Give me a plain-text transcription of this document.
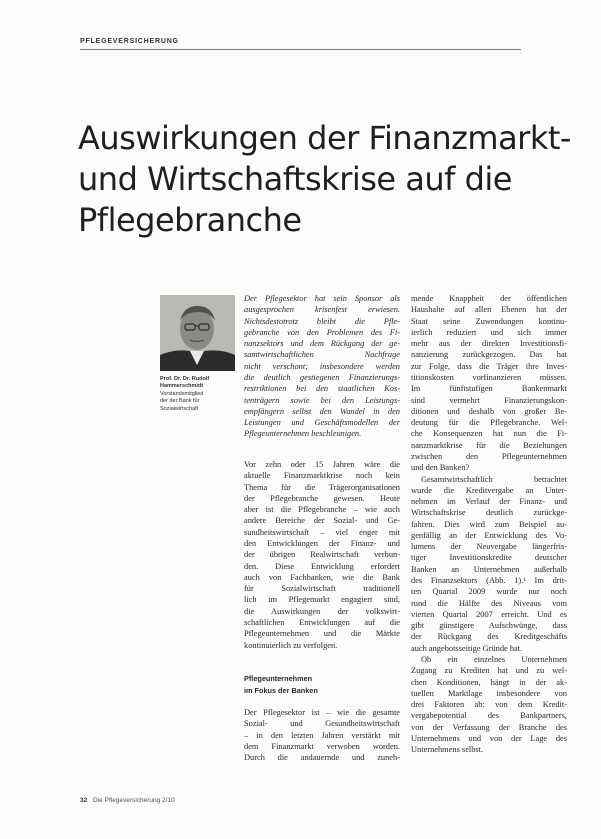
PFLEGEVERSICHERUNG
Auswirkungen der Finanzmarkt-
und Wirtschaftskrise auf die
Pflegebranche
Prof. Dr. Dr. Rudolf
Hammerschmidt
Vorstandsmitglied
der der Bank für
Sozialwirtschaft
Der Pflegesektor hat sein Sponsor als
ausgesprochen krisenfest erwiesen.
Nichtsdestotrotz bleibt die Pfle-
gebranche von den Problemen des Fi-
nanzsektors und dem Rückgang der ge-
samtwirtschaftlichen Nachfrage
nicht verschont; insbesondere werden
die deutlich gestiegenen Finanzierungs-
restriktionen bei den staatlichen Kos-
tenträgern sowie bei den Leistungs-
empfängern selbst den Wandel in den
Leistungen und Geschäftsmodellen der
Pflegeunternehmen beschleunigen.
Vor zehn oder 15 Jahren wäre die
aktuelle Finanzmarktkrise noch kein
Thema für die Trägerorganisationen
der Pflegebranche gewesen. Heute
aber ist die Pflegebranche – wie auch
andere Bereiche der Sozial- und Ge-
sundheitswirtschaft – viel enger mit
den Entwicklungen der Finanz- und
der übrigen Realwirtschaft verbun-
den. Diese Entwicklung erfordert
auch von Fachbanken, wie die Bank
für Sozialwirtschaft traditionell
lich im Pflegemarkt engagiert sind,
die Auswirkungen der volkswirt-
schaftlichen Entwicklungen auf die
Pflegeunternehmen und die Märkte
kontinuierlich zu verfolgen.
Pflegeunternehmen
im Fokus der Banken
Der Pflegesektor ist – wie die gesamte
Sozial- und Gesundheitswirtschaft
– in den letzten Jahren verstärkt mit
dem Finanzmarkt verwoben worden.
Durch die andauernde und zuneh-
mende Knappheit der öffentlichen
Haushalte auf allen Ebenen hat der
Staat seine Zuwendungen kontinu-
ierlich reduziert und sich immer
mehr aus der direkten Investitionsfi-
nanzierung zurückgezogen. Das hat
zur Folge, dass die Träger ihre Inves-
titionskosten vorfinanzieren müssen.
Im fünftstufigen Bankenmarkt
sind vermehrt Finanzierungskon-
ditionen und deshalb von großer Be-
deutung für die Pflegebranche. Wel-
che Konsequenzen hat nun die Fi-
nanzmarktkrise für die Beziehungen
zwischen den Pflegeunternehmen
und den Banken?
Gesamtwirtschaftlich betrachtet
wurde die Kreditvergabe an Unter-
nehmen im Verlauf der Finanz- und
Wirtschaftskrise deutlich zurückge-
fahren. Dies wird zum Beispiel au-
genfällig an der Entwicklung des Vo-
lumens der Neuvergabe längerfris-
tiger Investitionskredite deutscher
Banken an Unternehmen außerhalb
des Finanzsektors (Abb. 1).¹ Im drit-
ten Quartal 2009 wurde nur noch
rund die Hälfte des Niveaus vom
vierten Quartal 2007 erreicht. Und es
gibt günstigere Aufschwünge, dass
der Rückgang des Kreditgeschäfts
auch angebotsseitige Gründe hat.
Ob ein einzelnes Unternehmen
Zugang zu Krediten hat und zu wel-
chen Konditionen, hängt in der ak-
tuellen Marktlage insbesondere von
drei Faktoren ab: von dem Kredit-
vergabepotential des Bankpartners,
von der Verfassung der Branche des
Unternehmens und von der Lage des
Unternehmens selbst.
32 Die Pflegeversicherung 2/10
